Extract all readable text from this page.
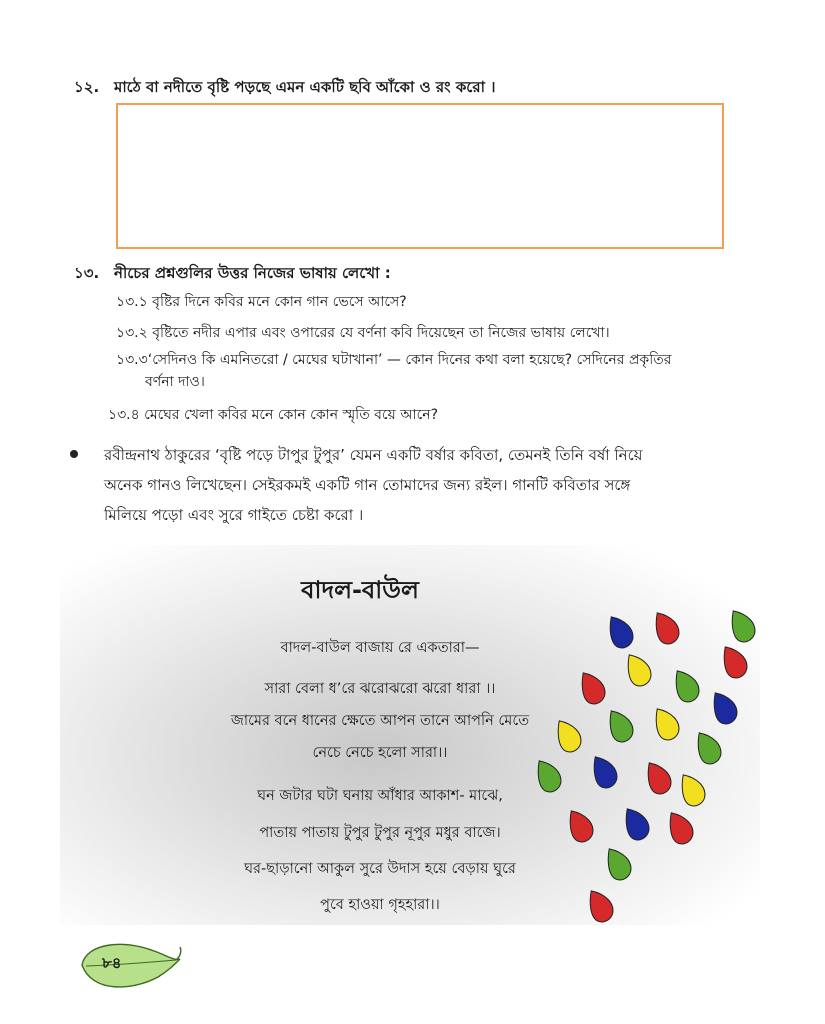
১২. মাঠে বা নদীতে বৃষ্টি পড়ছে এমন একটি ছবি আঁকো ও রং করো ।
১৩. নীচের প্রশ্নগুলির উত্তর নিজের ভাষায় লেখো :
১৩.১ বৃষ্টির দিনে কবির মনে কোন গান ভেসে আসে?
১৩.২ বৃষ্টিতে নদীর এপার এবং ওপারের যে বর্ণনা কবি দিয়েছেন তা নিজের ভাষায় লেখো।
১৩.৩‘সেদিনও কি এমনিতরো / মেঘের ঘটাখানা’ — কোন দিনের কথা বলা হয়েছে? সেদিনের প্রকৃতির
বর্ণনা দাও।
১৩.৪ মেঘের খেলা কবির মনে কোন কোন স্মৃতি বয়ে আনে?
রবীন্দ্রনাথ ঠাকুরের ‘বৃষ্টি পড়ে টাপুর টুপুর’ যেমন একটি বর্ষার কবিতা, তেমনই তিনি বর্ষা নিয়ে
অনেক গানও লিখেছেন। সেইরকমই একটি গান তোমাদের জন্য রইল। গানটি কবিতার সঙ্গে
মিলিয়ে পড়ো এবং সুরে গাইতে চেষ্টা করো ।
বাদল-বাউল
বাদল-বাউল বাজায় রে একতারা—
সারা বেলা ধ’রে ঝরোঝরো ঝরো ধারা ।।
জামের বনে ধানের ক্ষেতে আপন তানে আপনি মেতে
নেচে নেচে হলো সারা।।
ঘন জটার ঘটা ঘনায় আঁধার আকাশ- মাঝে,
পাতায় পাতায় টুপুর টুপুর নূপুর মধুর বাজে।
ঘর-ছাড়ানো আকুল সুরে উদাস হয়ে বেড়ায় ঘুরে
পুবে হাওয়া গৃহহারা।।
৮৪
